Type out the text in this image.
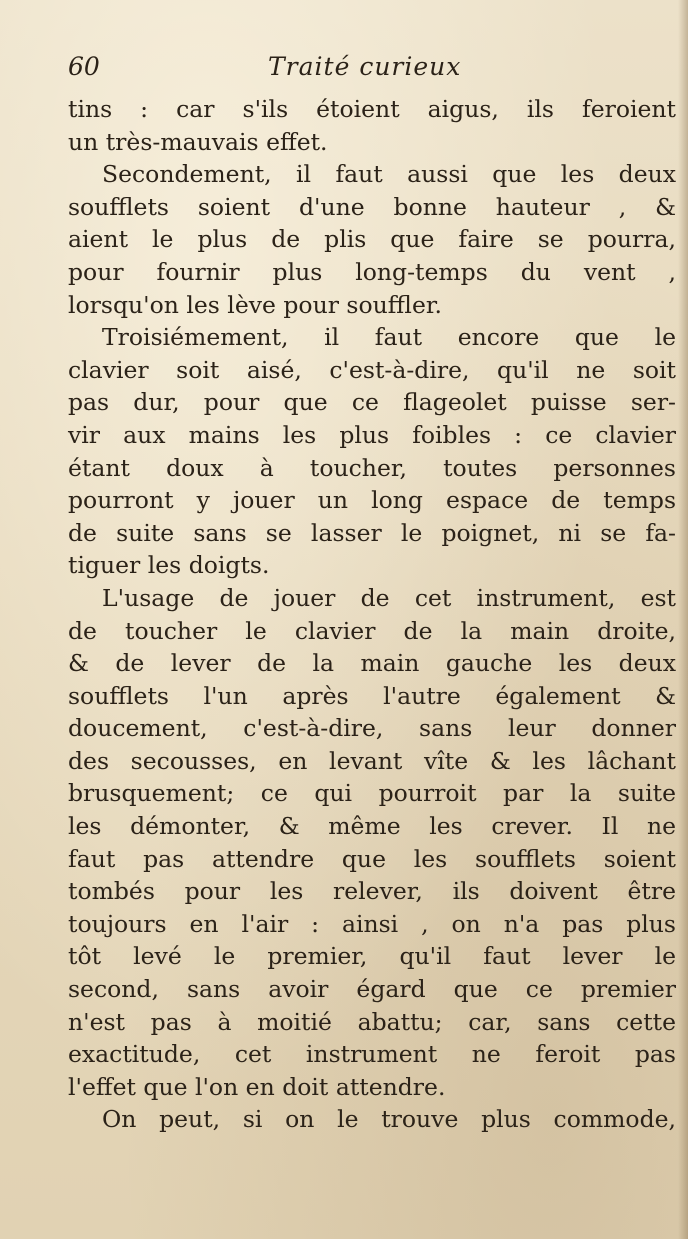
60	Traité curieux
tins : car s'ils étoient aigus, ils feroient
un très-mauvais effet.
Secondement, il faut aussi que les deux
soufflets soient d'une bonne hauteur , &
aient le plus de plis que faire se pourra,
pour fournir plus long-temps du vent ,
lorsqu'on les lève pour souffler.
Troisiémement, il faut encore que le
clavier soit aisé, c'est-à-dire, qu'il ne soit
pas dur, pour que ce flageolet puisse ser-
vir aux mains les plus foibles : ce clavier
étant doux à toucher, toutes personnes
pourront y jouer un long espace de temps
de suite sans se lasser le poignet, ni se fa-
tiguer les doigts.
L'usage de jouer de cet instrument, est
de toucher le clavier de la main droite,
& de lever de la main gauche les deux
soufflets l'un après l'autre également &
doucement, c'est-à-dire, sans leur donner
des secousses, en levant vîte & les lâchant
brusquement; ce qui pourroit par la suite
les démonter, & même les crever. Il ne
faut pas attendre que les soufflets soient
tombés pour les relever, ils doivent être
toujours en l'air : ainsi , on n'a pas plus
tôt levé le premier, qu'il faut lever le
second, sans avoir égard que ce premier
n'est pas à moitié abattu; car, sans cette
exactitude, cet instrument ne feroit pas
l'effet que l'on en doit attendre.
On peut, si on le trouve plus commode,
